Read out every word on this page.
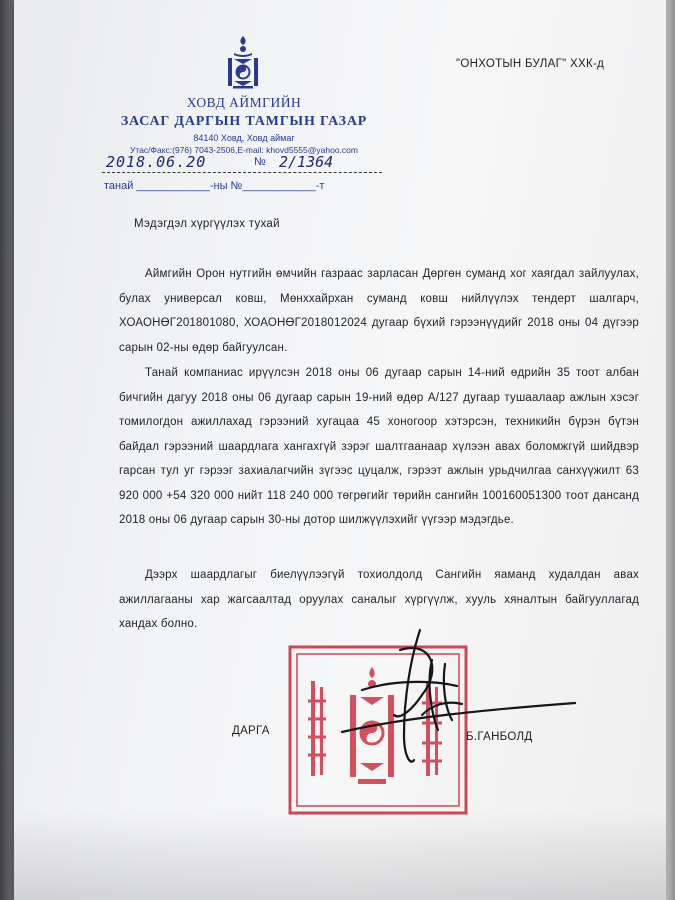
ХОВД АЙМГИЙН
ЗАСАГ ДАРГЫН ТАМГЫН ГАЗАР
84140 Ховд, Ховд аймаг
Утас/Факс:(976) 7043-2506,E-mail: khovd5555@yahoo.com
2018.06.20	№ 2/1364
танай ____________-ны №____________-т
"ОНХОТЫН БУЛАГ" ХХК-д
Мэдэгдэл хүргүүлэх тухай
Аймгийн Орон нутгийн өмчийн газраас зарласан Дөргөн суманд хог хаягдал зайлуулах, булах универсал ковш, Мөнххайрхан суманд ковш нийлүүлэх тендерт шалгарч, ХОАОНӨГ201801080, ХОАОНӨГ2018012024 дугаар бүхий гэрээнүүдийг 2018 оны 04 дүгээр сарын 02-ны өдөр байгуулсан.
Танай компаниас ирүүлсэн 2018 оны 06 дугаар сарын 14-ний өдрийн 35 тоот албан бичгийн дагуу 2018 оны 06 дугаар сарын 19-ний өдөр А/127 дугаар тушаалаар ажлын хэсэг томилогдон ажиллахад гэрээний хугацаа 45 хоногоор хэтэрсэн, техникийн бүрэн бүтэн байдал гэрээний шаардлага хангахгүй зэрэг шалтгаанаар хүлээн авах боломжгүй шийдвэр гарсан тул уг гэрээг захиалагчийн зүгээс цуцалж, гэрээт ажлын урьдчилгаа санхүүжилт 63 920 000 +54 320 000 нийт 118 240 000 төгрөгийг төрийн сангийн 100160051300 тоот дансанд 2018 оны 06 дугаар сарын 30-ны дотор шилжүүлэхийг үүгээр мэдэгдье.
Дээрх шаардлагыг биелүүлээгүй тохиолдолд Сангийн яаманд худалдан авах ажиллагааны хар жагсаалтад оруулах саналыг хүргүүлж, хууль хяналтын байгууллагад хандах болно.
ДАРГА	Б.ГАНБОЛД
